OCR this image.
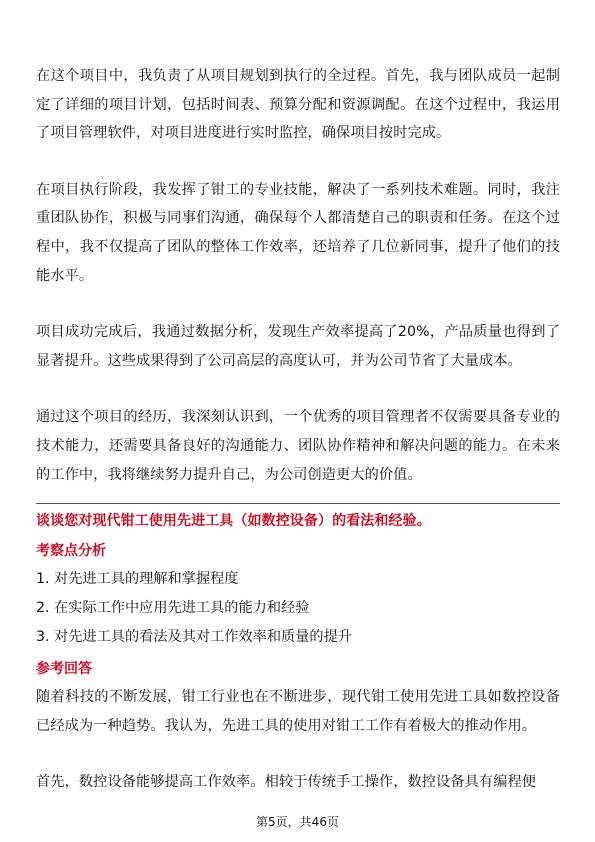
在这个项目中，我负责了从项目规划到执行的全过程。首先，我与团队成员一起制定了详细的项目计划，包括时间表、预算分配和资源调配。在这个过程中，我运用了项目管理软件，对项目进度进行实时监控，确保项目按时完成。

在项目执行阶段，我发挥了钳工的专业技能，解决了一系列技术难题。同时，我注重团队协作，积极与同事们沟通，确保每个人都清楚自己的职责和任务。在这个过程中，我不仅提高了团队的整体工作效率，还培养了几位新同事，提升了他们的技能水平。

项目成功完成后，我通过数据分析，发现生产效率提高了20%，产品质量也得到了显著提升。这些成果得到了公司高层的高度认可，并为公司节省了大量成本。

通过这个项目的经历，我深刻认识到，一个优秀的项目管理者不仅需要具备专业的技术能力，还需要具备良好的沟通能力、团队协作精神和解决问题的能力。在未来的工作中，我将继续努力提升自己，为公司创造更大的价值。

谈谈您对现代钳工使用先进工具（如数控设备）的看法和经验。
考察点分析
1. 对先进工具的理解和掌握程度
2. 在实际工作中应用先进工具的能力和经验
3. 对先进工具的看法及其对工作效率和质量的提升
参考回答

随着科技的不断发展，钳工行业也在不断进步，现代钳工使用先进工具如数控设备已经成为一种趋势。我认为，先进工具的使用对钳工工作有着极大的推动作用。

首先，数控设备能够提高工作效率。相较于传统手工操作，数控设备具有编程便

第5页，共46页
